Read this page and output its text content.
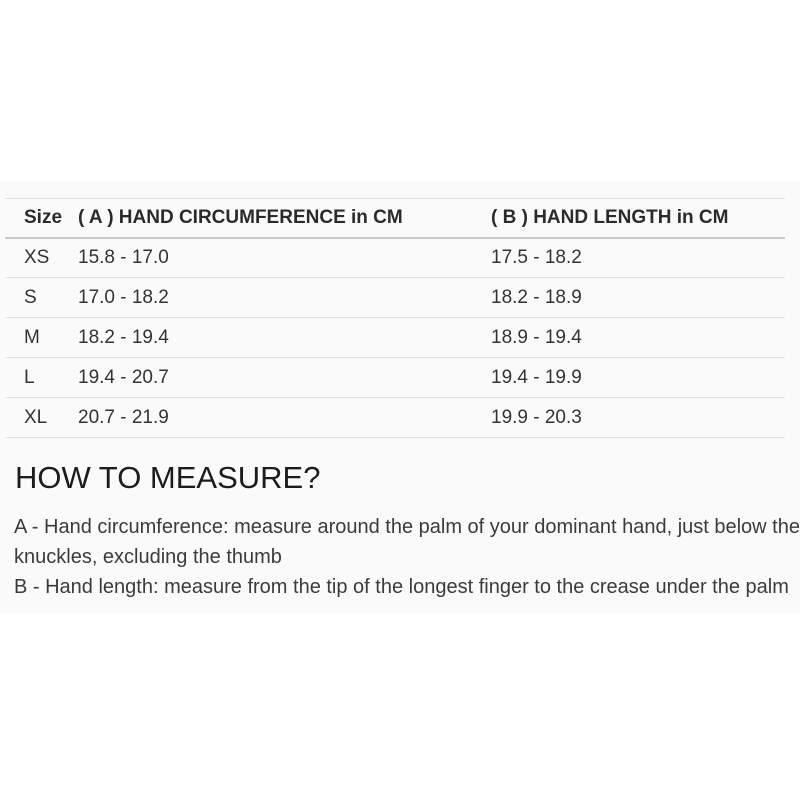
Size	( A ) HAND CIRCUMFERENCE in CM	( B ) HAND LENGTH in CM
XS	15.8 - 17.0	17.5 - 18.2
S	17.0 - 18.2	18.2 - 18.9
M	18.2 - 19.4	18.9 - 19.4
L	19.4 - 20.7	19.4 - 19.9
XL	20.7 - 21.9	19.9 - 20.3
HOW TO MEASURE?
A - Hand circumference: measure around the palm of your dominant hand, just below the
knuckles, excluding the thumb
B - Hand length: measure from the tip of the longest finger to the crease under the palm
